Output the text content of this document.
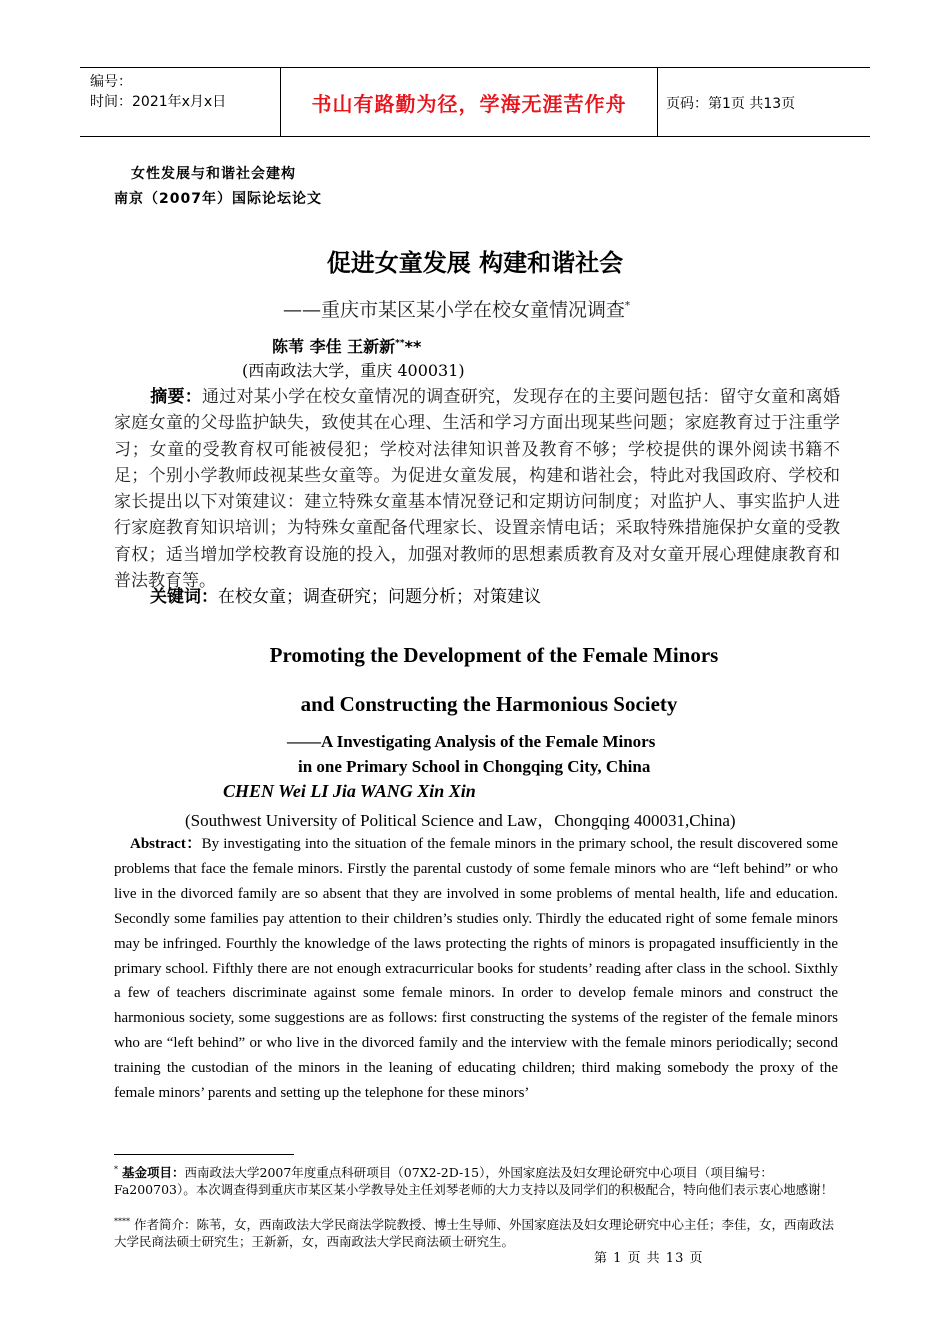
编号：
时间：2021年x月x日	书山有路勤为径，学海无涯苦作舟	页码：第1页 共13页
女性发展与和谐社会建构
南京（2007年）国际论坛论文
促进女童发展 构建和谐社会
——重庆市某区某小学在校女童情况调查*
陈苇 李佳 王新新****
(西南政法大学，重庆 400031)
摘要：通过对某小学在校女童情况的调查研究，发现存在的主要问题包括：留守女童和离婚家庭女童的父母监护缺失，致使其在心理、生活和学习方面出现某些问题；家庭教育过于注重学习；女童的受教育权可能被侵犯；学校对法律知识普及教育不够；学校提供的课外阅读书籍不足；个别小学教师歧视某些女童等。为促进女童发展，构建和谐社会，特此对我国政府、学校和家长提出以下对策建议：建立特殊女童基本情况登记和定期访问制度；对监护人、事实监护人进行家庭教育知识培训；为特殊女童配备代理家长、设置亲情电话；采取特殊措施保护女童的受教育权；适当增加学校教育设施的投入，加强对教师的思想素质教育及对女童开展心理健康教育和普法教育等。
关键词：在校女童；调查研究；问题分析；对策建议
Promoting the Development of the Female Minors
and Constructing the Harmonious Society
——A Investigating Analysis of the Female Minors
in one Primary School in Chongqing City, China
CHEN Wei LI Jia WANG Xin Xin
(Southwest University of Political Science and Law，Chongqing 400031,China)
Abstract：By investigating into the situation of the female minors in the primary school, the result discovered some problems that face the female minors. Firstly the parental custody of some female minors who are “left behind” or who live in the divorced family are so absent that they are involved in some problems of mental health, life and education. Secondly some families pay attention to their children’s studies only. Thirdly the educated right of some female minors may be infringed. Fourthly the knowledge of the laws protecting the rights of minors is propagated insufficiently in the primary school. Fifthly there are not enough extracurricular books for students’ reading after class in the school. Sixthly a few of teachers discriminate against some female minors. In order to develop female minors and construct the harmonious society, some suggestions are as follows: first constructing the systems of the register of the female minors who are “left behind” or who live in the divorced family and the interview with the female minors periodically; second training the custodian of the minors in the leaning of educating children; third making somebody the proxy of the female minors’ parents and setting up the telephone for these minors’
* 基金项目：西南政法大学2007年度重点科研项目（07X2-2D-15），外国家庭法及妇女理论研究中心项目（项目编号：Fa200703）。本次调查得到重庆市某区某小学教导处主任刘琴老师的大力支持以及同学们的积极配合，特向他们表示衷心地感谢！
**** 作者简介：陈苇，女，西南政法大学民商法学院教授、博士生导师、外国家庭法及妇女理论研究中心主任；李佳，女，西南政法大学民商法硕士研究生；王新新，女，西南政法大学民商法硕士研究生。
第 1 页 共 13 页
